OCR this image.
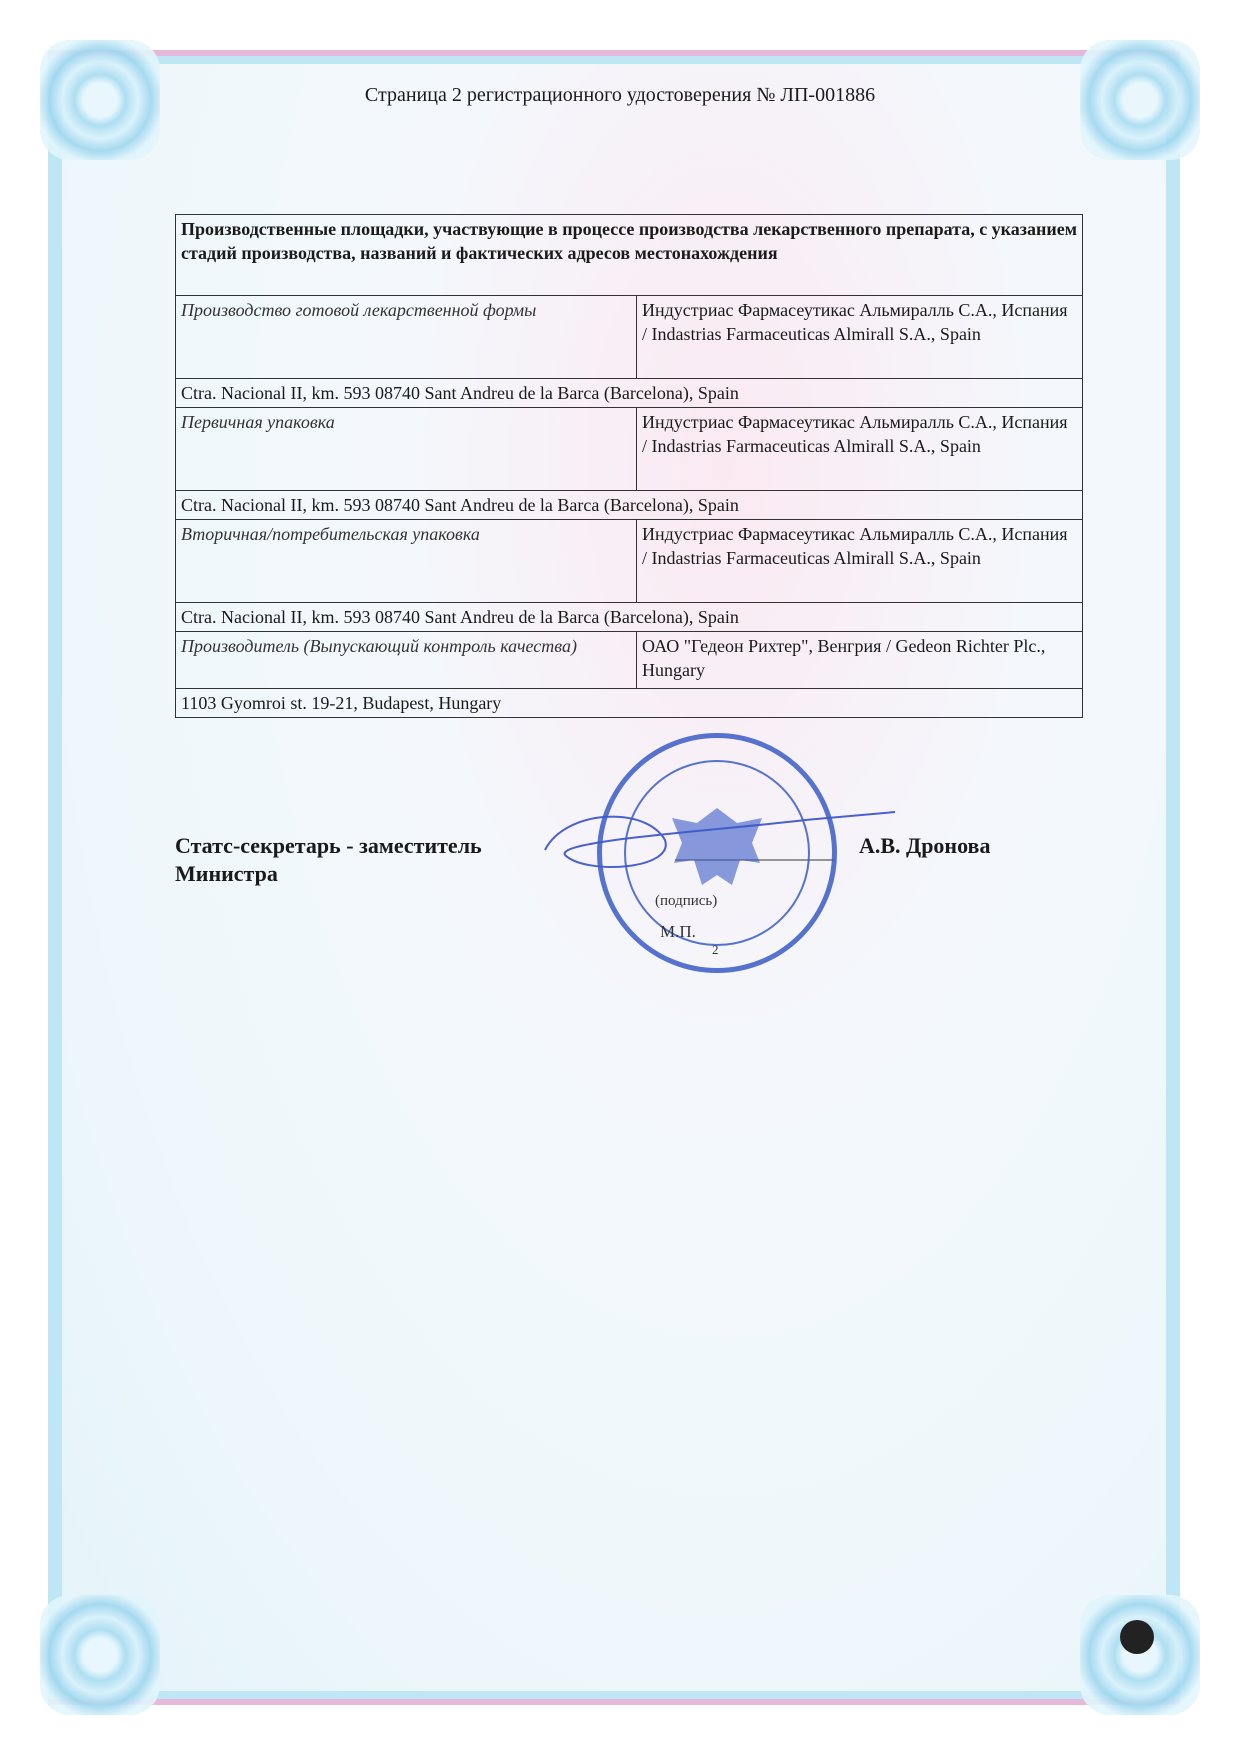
Страница 2 регистрационного удостоверения № ЛП-001886
Производственные площадки, участвующие в процессе производства лекарственного препарата, с указанием стадий производства, названий и фактических адресов местонахождения	
Производство готовой лекарственной формы	Индустриас Фармасеутикас Альмиралль С.А., Испания / Indastrias Farmaceuticas Almirall S.A., Spain
Ctra. Nacional II, km. 593 08740 Sant Andreu de la Barca (Barcelona), Spain	
Первичная упаковка	Индустриас Фармасеутикас Альмиралль С.А., Испания / Indastrias Farmaceuticas Almirall S.A., Spain
Ctra. Nacional II, km. 593 08740 Sant Andreu de la Barca (Barcelona), Spain	
Вторичная/потребительская упаковка	Индустриас Фармасеутикас Альмиралль С.А., Испания / Indastrias Farmaceuticas Almirall S.A., Spain
Ctra. Nacional II, km. 593 08740 Sant Andreu de la Barca (Barcelona), Spain	
Производитель (Выпускающий контроль качества)	ОАО "Гедеон Рихтер", Венгрия / Gedeon Richter Plc., Hungary
1103 Gyomroi st. 19-21, Budapest, Hungary	
Статс-секретарь - заместитель Министра
А.В. Дронова
(подпись)
М.П.
2
